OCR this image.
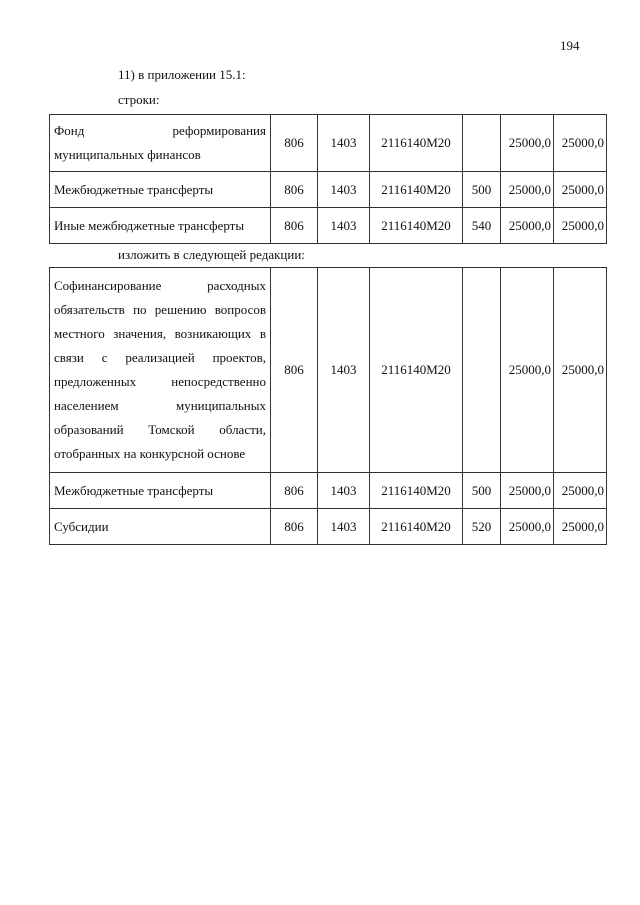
194
11) в приложении 15.1:
строки:
Фонд реформирования муниципальных финансов	806	1403	2116140М20		25000,0	25000,0
Межбюджетные трансферты	806	1403	2116140М20	500	25000,0	25000,0
Иные межбюджетные трансферты	806	1403	2116140М20	540	25000,0	25000,0
изложить в следующей редакции:
Софинансирование расходных обязательств по решению вопросов местного значения, возникающих в связи с реализацией проектов, предложенных непосредственно населением муниципальных образований Томской области, отобранных на конкурсной основе	806	1403	2116140М20		25000,0	25000,0
Межбюджетные трансферты	806	1403	2116140М20	500	25000,0	25000,0
Субсидии	806	1403	2116140М20	520	25000,0	25000,0
